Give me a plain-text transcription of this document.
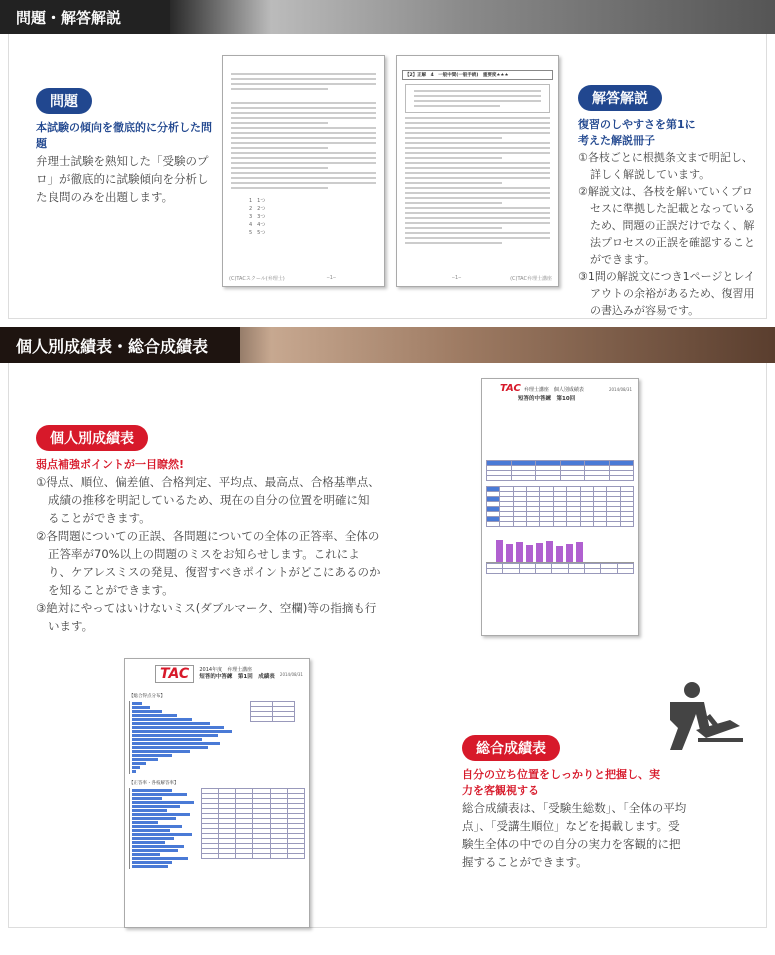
問題・解答解説
問題
本試験の傾向を徹底的に分析した問題
弁理士試験を熟知した「受験のプロ」が徹底的に試験傾向を分析した良問のみを出題します。	1　1つ
2　2つ
3　3つ
4　4つ
5　5つ
(C)TACスクール(弁理士)	‒1‒
【2】正解　4　一般中間(一般手続)　重要度★★★
‒1‒	(C)TAC弁理士講座
解答解説
復習のしやすさを第1に考えた解説冊子
①各枝ごとに根拠条文まで明記し、詳しく解説しています。
②解説文は、各枝を解いていくプロセスに準拠した記載となっているため、問題の正誤だけでなく、解法プロセスの正誤を確認することができます。
③1問の解説文につき1ページとレイアウトの余裕があるため、復習用の書込みが容易です。
個人別成績表・総合成績表
個人別成績表
弱点補強ポイントが一目瞭然!
①得点、順位、偏差値、合格判定、平均点、最高点、合格基準点、成績の推移を明記しているため、現在の自分の位置を明確に知ることができます。
②各問題についての正誤、各問題についての全体の正答率、全体の正答率が70%以上の問題のミスをお知らせします。これにより、ケアレスミスの発見、復習すべきポイントがどこにあるのかを知ることができます。
③絶対にやってはいけないミス(ダブルマーク、空欄)等の指摘も行います。
TAC 弁理士講座　個人別成績表	2014/08/31
短答的中答練　第10回

TAC	2014年度　弁理士講座
短答的中答練　第1回　成績表 2014/08/31
【総合得点分布】

【正答率・各枝解答率】

総合成績表
自分の立ち位置をしっかりと把握し、実力を客観視する
総合成績表は、「受験生総数」、「全体の平均点」、「受講生順位」などを掲載します。受験生全体の中での自分の実力を客観的に把握することができます。
